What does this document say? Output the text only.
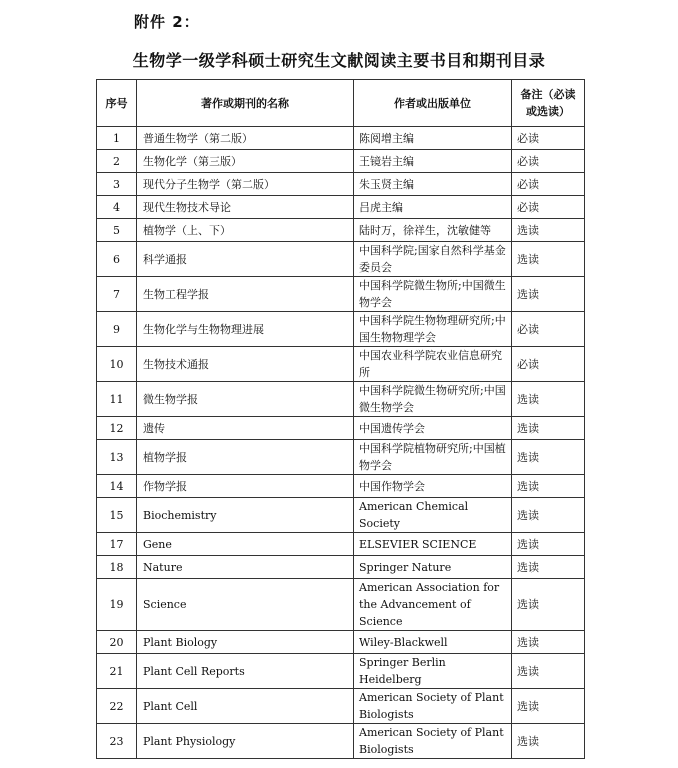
附件 2：
生物学一级学科硕士研究生文献阅读主要书目和期刊目录
序号	著作或期刊的名称	作者或出版单位	备注（必读或选读）
1	普通生物学（第二版）	陈阅增主编	必读
2	生物化学（第三版）	王镜岩主编	必读
3	现代分子生物学（第二版）	朱玉贤主编	必读
4	现代生物技术导论	吕虎主编	必读
5	植物学（上、下）	陆时万，徐祥生，沈敏健等	选读
6	科学通报	中国科学院;国家自然科学基金委员会	选读
7	生物工程学报	中国科学院微生物所;中国微生物学会	选读
9	生物化学与生物物理进展	中国科学院生物物理研究所;中国生物物理学会	必读
10	生物技术通报	中国农业科学院农业信息研究所	必读
11	微生物学报	中国科学院微生物研究所;中国微生物学会	选读
12	遗传	中国遗传学会	选读
13	植物学报	中国科学院植物研究所;中国植物学会	选读
14	作物学报	中国作物学会	选读
15	Biochemistry	American Chemical Society	选读
17	Gene	ELSEVIER SCIENCE	选读
18	Nature	Springer Nature	选读
19	Science	American Association for the Advancement of Science	选读
20	Plant Biology	Wiley-Blackwell	选读
21	Plant Cell Reports	Springer Berlin Heidelberg	选读
22	Plant Cell	American Society of Plant Biologists	选读
23	Plant Physiology	American Society of Plant Biologists	选读
